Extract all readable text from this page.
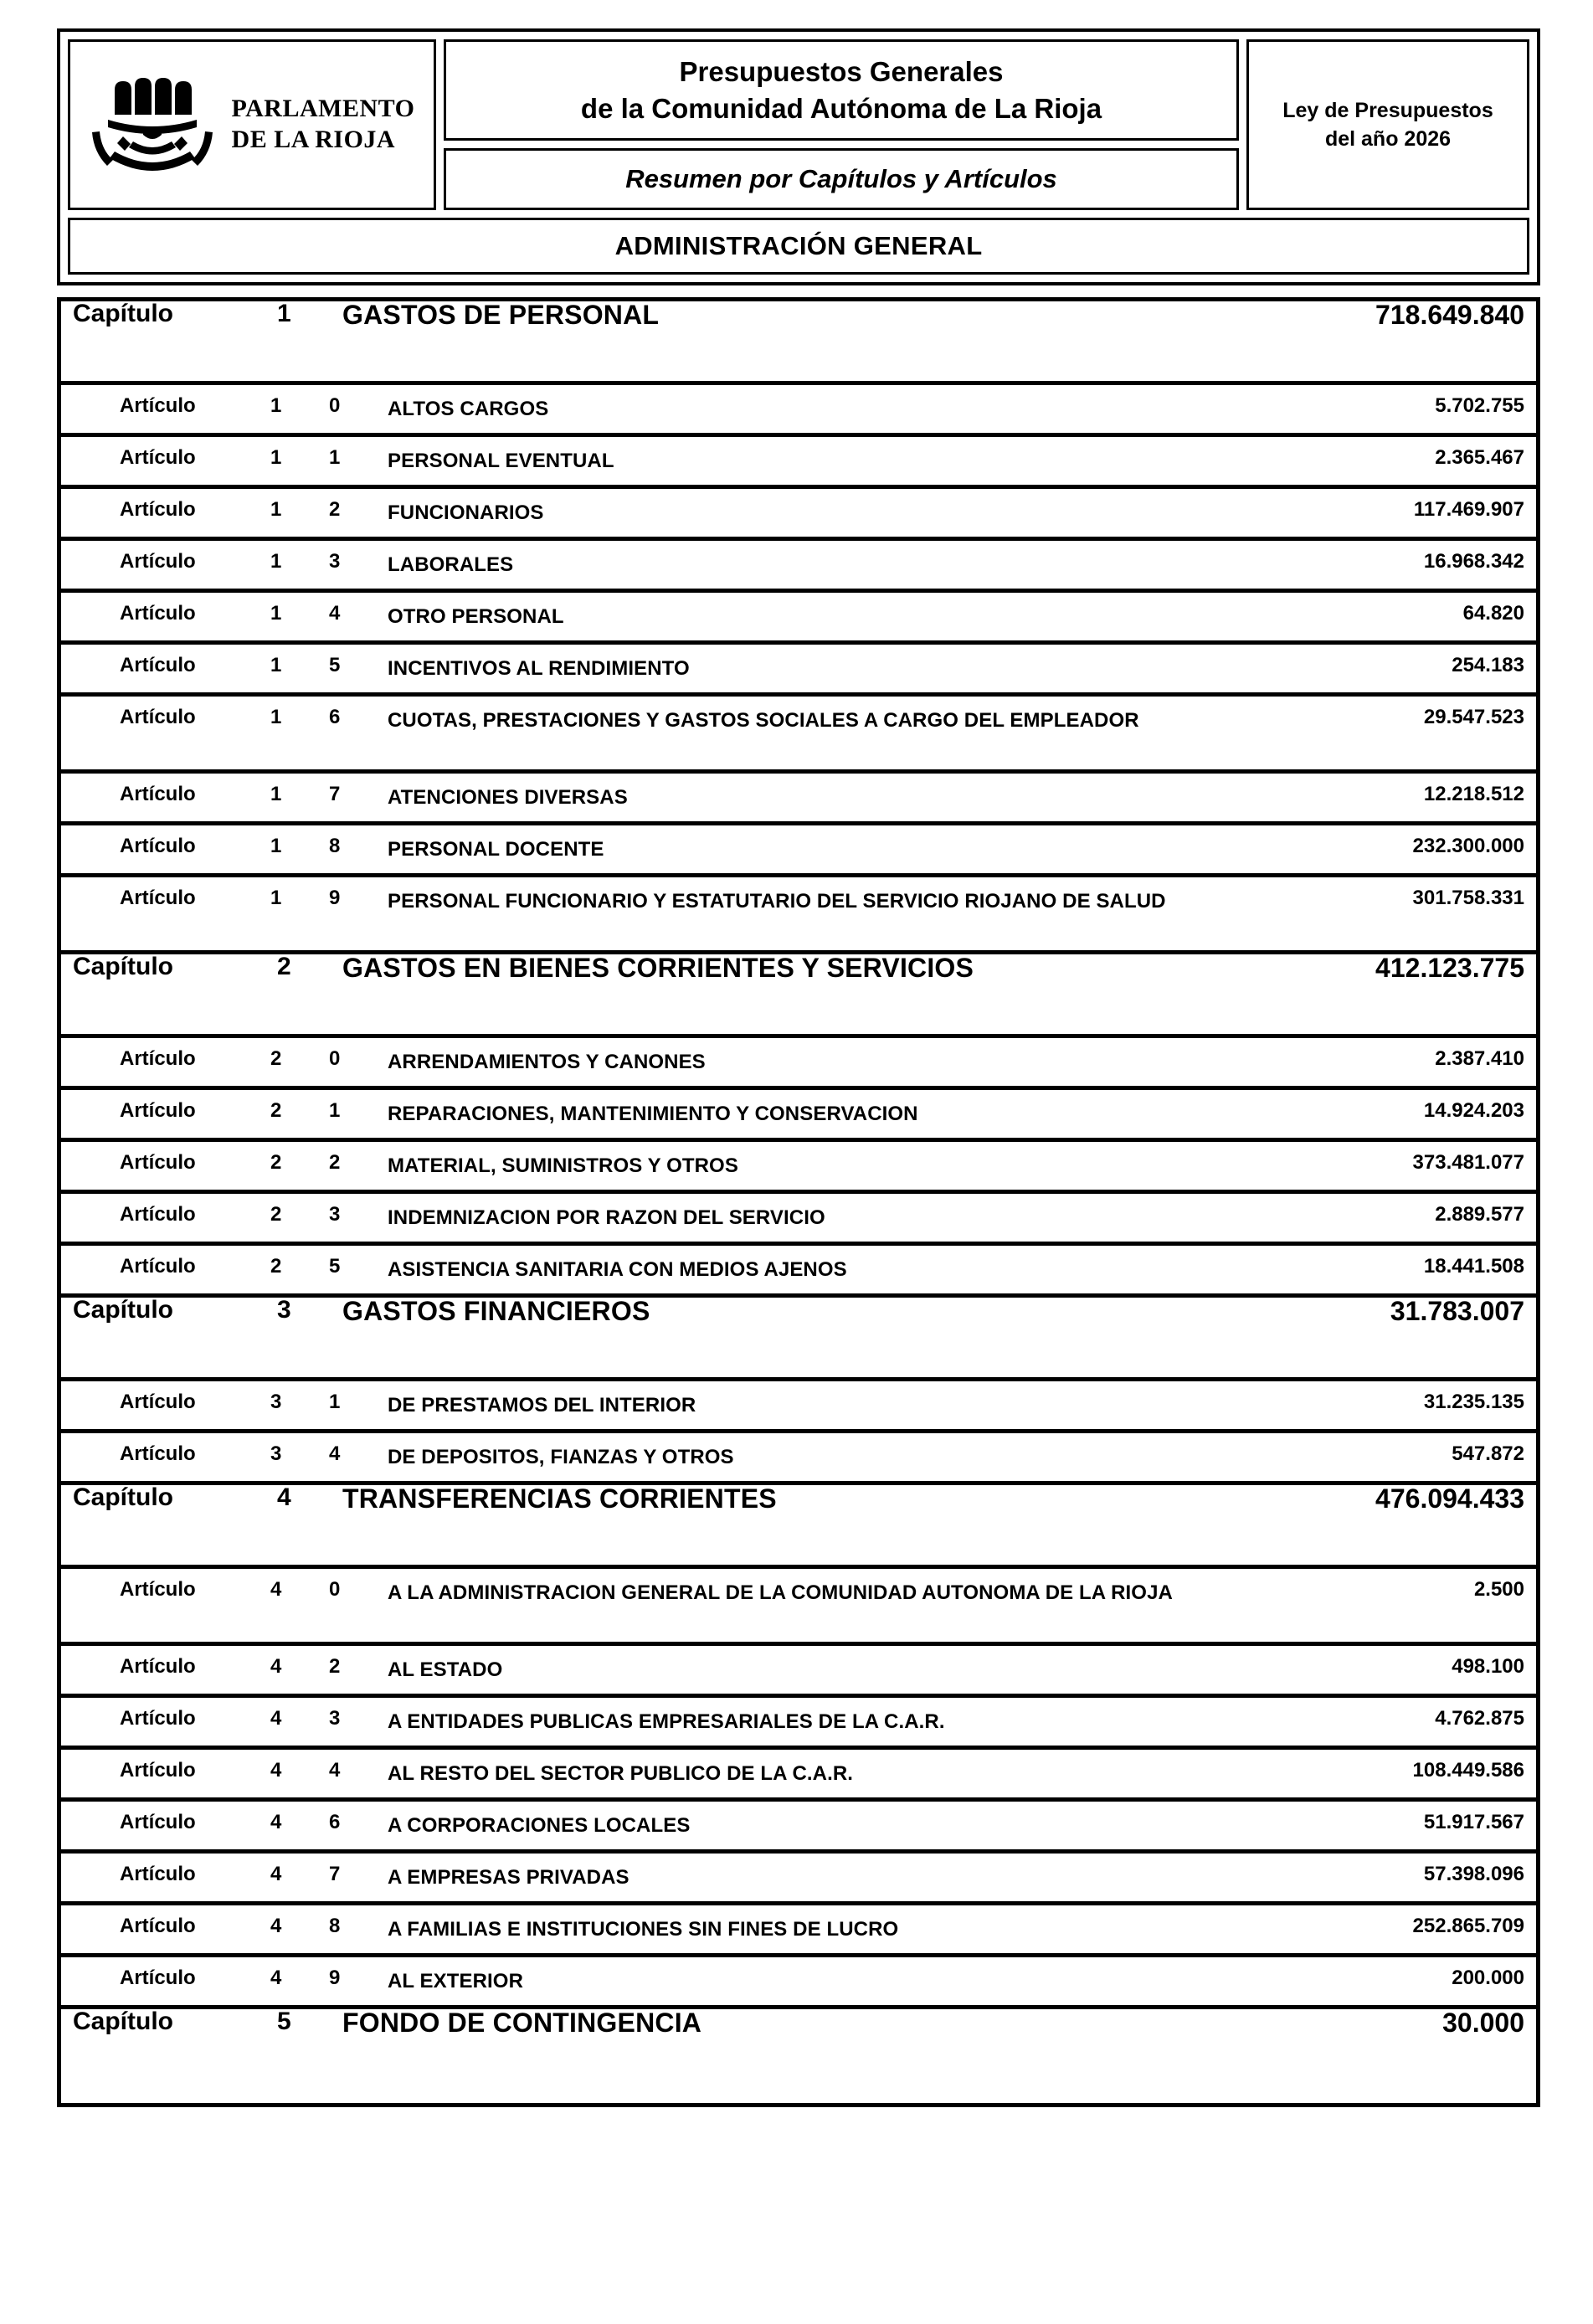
PARLAMENTO
DE LA RIOJA
Presupuestos Generales
de la Comunidad Autónoma de La Rioja
Resumen por Capítulos y Artículos
Ley de Presupuestos
del año 2026
ADMINISTRACIÓN GENERAL
Capítulo	1	GASTOS DE PERSONAL	718.649.840
Artículo	1	0	ALTOS CARGOS	5.702.755
Artículo	1	1	PERSONAL EVENTUAL	2.365.467
Artículo	1	2	FUNCIONARIOS	117.469.907
Artículo	1	3	LABORALES	16.968.342
Artículo	1	4	OTRO PERSONAL	64.820
Artículo	1	5	INCENTIVOS AL RENDIMIENTO	254.183
Artículo	1	6	CUOTAS, PRESTACIONES Y GASTOS SOCIALES A CARGO DEL EMPLEADOR	29.547.523
Artículo	1	7	ATENCIONES DIVERSAS	12.218.512
Artículo	1	8	PERSONAL DOCENTE	232.300.000
Artículo	1	9	PERSONAL FUNCIONARIO Y ESTATUTARIO DEL SERVICIO RIOJANO DE SALUD	301.758.331
Capítulo	2	GASTOS EN BIENES CORRIENTES Y SERVICIOS	412.123.775
Artículo	2	0	ARRENDAMIENTOS Y CANONES	2.387.410
Artículo	2	1	REPARACIONES, MANTENIMIENTO Y CONSERVACION	14.924.203
Artículo	2	2	MATERIAL, SUMINISTROS Y OTROS	373.481.077
Artículo	2	3	INDEMNIZACION POR RAZON DEL SERVICIO	2.889.577
Artículo	2	5	ASISTENCIA SANITARIA CON MEDIOS AJENOS	18.441.508
Capítulo	3	GASTOS FINANCIEROS	31.783.007
Artículo	3	1	DE PRESTAMOS DEL INTERIOR	31.235.135
Artículo	3	4	DE DEPOSITOS, FIANZAS Y OTROS	547.872
Capítulo	4	TRANSFERENCIAS CORRIENTES	476.094.433
Artículo	4	0	A LA ADMINISTRACION GENERAL DE LA COMUNIDAD AUTONOMA DE LA RIOJA	2.500
Artículo	4	2	AL ESTADO	498.100
Artículo	4	3	A ENTIDADES PUBLICAS EMPRESARIALES DE LA C.A.R.	4.762.875
Artículo	4	4	AL RESTO DEL SECTOR PUBLICO DE LA C.A.R.	108.449.586
Artículo	4	6	A CORPORACIONES LOCALES	51.917.567
Artículo	4	7	A EMPRESAS PRIVADAS	57.398.096
Artículo	4	8	A FAMILIAS E INSTITUCIONES SIN FINES DE LUCRO	252.865.709
Artículo	4	9	AL EXTERIOR	200.000
Capítulo	5	FONDO DE CONTINGENCIA	30.000
